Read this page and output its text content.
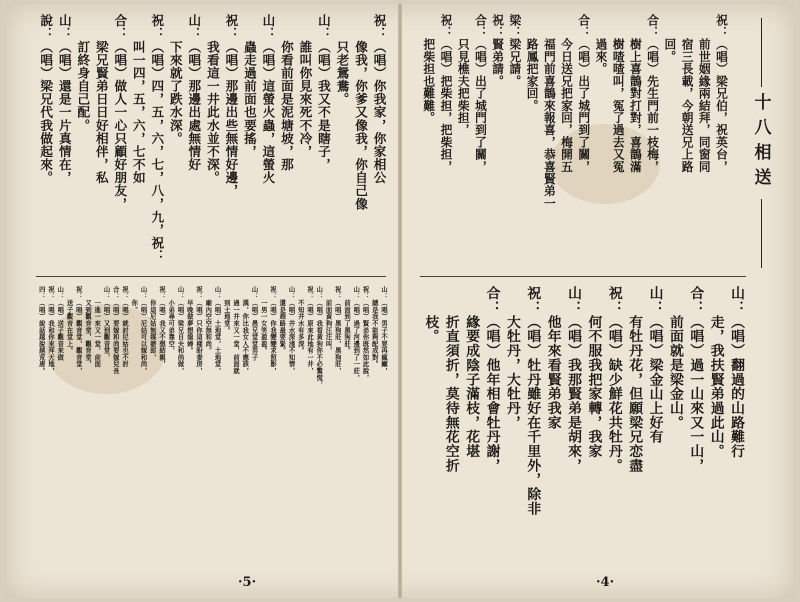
祝：（唱）你我家，你家相公
　　像我，你爹又像我，你自己像
　　只老鴛鴦。
山：（唱）我又不是瞎子，
　　誰叫你見來死不冷，
　　你看前面是泥塘坡，那
山：（唱）這螢火蟲，這螢火
　　蟲走過前面也要搖，
祝：（唱）那邊出些無情好邊，
　　我看這一井此水並不深。
山：（唱）那邊出處無情好
　　下來就了跌水深。
祝：（唱）四，五，六，七，八，九，祝：
　　叫一四，五，六，七不如
合：（唱）做人一心只顧好朋友，
　　梁兄賢弟日日好相伴，私
　　訂終身自己配。
山：（唱）還是一片真情在，
說：（唱）梁兄代我做起來。
山：（唱）男子不要再瘋癲，
　　總是我不能夠配成對。
祝：（唱）賢弟你既然如此說，
山：（唱）過了河邊到了一莊，
　　前面到了黑狗莊。
祝：（唱）黑狗莊，黑狗莊，
　　前面黃狗汪汪叫，
山：（唱）我看黃狗你不必驚慌，
祝：（唱）原來此地有一井，
　　不知井水有多深。
山：（唱）井水深淺不知情，
　　還是趕路最要緊。
祝：（唱）你我變變求照影，
　　一男一女笑盈盈。
山：（唱）愚兄堂堂男子
　　漢，你比我女人不應該，
　　過一井來又一堂，前面就
　　到土地堂。
山：（唱）土地堂，土地堂，
　　廟內空空無和尚。
祝：（唱）只你這樣盼妻房，
　　早晚做夢想媳婦。
山：（唱）梁兄自夫和尚做，
　　小弟尋可弟靠空，
祝：（唱）我又不想結親，
　　你這尼姑無媒婆郎，
山：（唱）尼姑可以嫁和尚，
　　你。
祝：（唱）就討尼姑也不討
合：（唱）要嫁和尚要嫁兒長
山：（唱）又到觀音堂，
　　一進一來又一堂，前面
　　又到觀音堂，觀音堂，
祝：（唱）觀音堂，觀音堂，
　　送子觀音在堂上。
山：（唱）送子觀音來做
祝：（唱）我和你來拜天地，
四：（唱）說話越說越荒唐。
·5·
十八相送
祝：（唱）梁兄伯，祝英台，
　　前世姻緣兩結拜，同窗同
　　宿三長載，今朝送兄上路
　　回。
合：（唱）先生門前一枝梅，
　　樹上喜鵲對打對，喜鵲滿
　　樹喳喳叫，冤了過去又冤
　　過來。
合：（唱）出了城門到了關，
　　今日送兄把家回，梅開五
　　福門前喜鵲來報喜，恭喜賢弟一
　　路鳳把家回。
梁：梁兄請。
祝：賢弟請。
合：（唱）出了城門到了關，
　　只見樵夫把柴担，
祝：（唱）把柴担，把柴担，
　　把柴担也難難。
山：（唱）翻過的山路難行
　　走，我扶賢弟過此山。
合：（唱）過一山來又一山，
　　前面就是梁金山。
山：（唱）梁金山上好有
　　有牡丹花，但願梁兄恋盡
祝：（唱）缺少鮮花共牡丹。
　　何不服我把家轉，我家
山：（唱）我那賢弟是胡來，
　　他年來看賢弟我家
祝：（唱）牡丹雖好在千里外，除非
　　大牡丹，大牡丹，
合：（唱）他年相會牡丹謝，
　　緣要成陰子滿枝，花堪
　　折直須折，莫待無花空折
　　枝。
·4·
